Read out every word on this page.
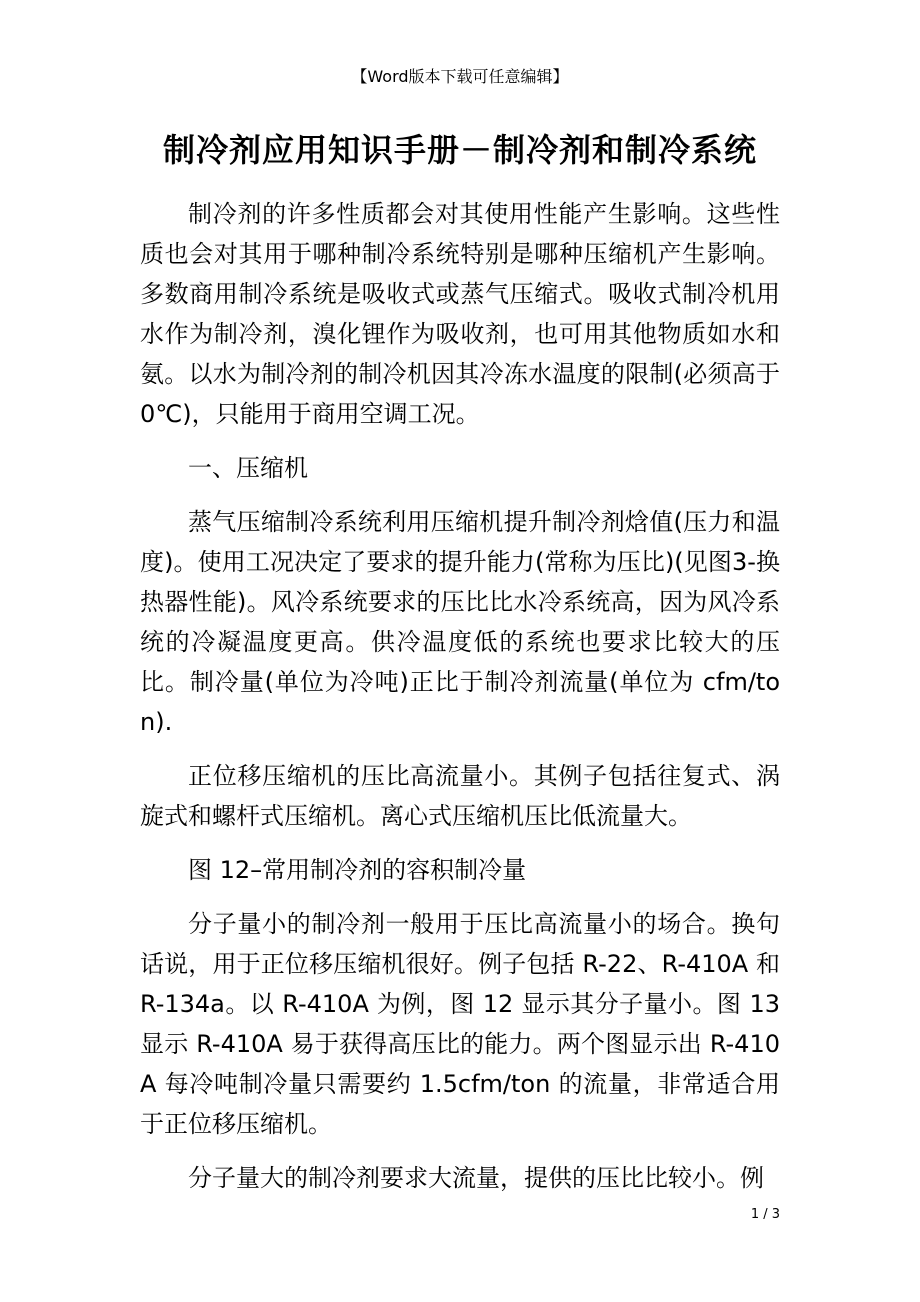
【Word版本下载可任意编辑】
制冷剂应用知识手册－制冷剂和制冷系统

制冷剂的许多性质都会对其使用性能产生影响。这些性质也会对其用于哪种制冷系统特别是哪种压缩机产生影响。多数商用制冷系统是吸收式或蒸气压缩式。吸收式制冷机用水作为制冷剂，溴化锂作为吸收剂，也可用其他物质如水和氨。以水为制冷剂的制冷机因其冷冻水温度的限制(必须高于 0℃)，只能用于商用空调工况。

一、压缩机

蒸气压缩制冷系统利用压缩机提升制冷剂焓值(压力和温度)。使用工况决定了要求的提升能力(常称为压比)(见图3-换热器性能)。风冷系统要求的压比比水冷系统高，因为风冷系统的冷凝温度更高。供冷温度低的系统也要求比较大的压比。制冷量(单位为冷吨)正比于制冷剂流量(单位为 cfm/ton).

正位移压缩机的压比高流量小。其例子包括往复式、涡旋式和螺杆式压缩机。离心式压缩机压比低流量大。

图 12–常用制冷剂的容积制冷量

分子量小的制冷剂一般用于压比高流量小的场合。换句话说，用于正位移压缩机很好。例子包括 R-22、R-410A 和 R-134a。以 R-410A 为例，图 12 显示其分子量小。图 13 显示 R-410A 易于获得高压比的能力。两个图显示出 R-410A 每冷吨制冷量只需要约 1.5cfm/ton 的流量，非常适合用于正位移压缩机。

分子量大的制冷剂要求大流量，提供的压比比较小。例

1 / 3
